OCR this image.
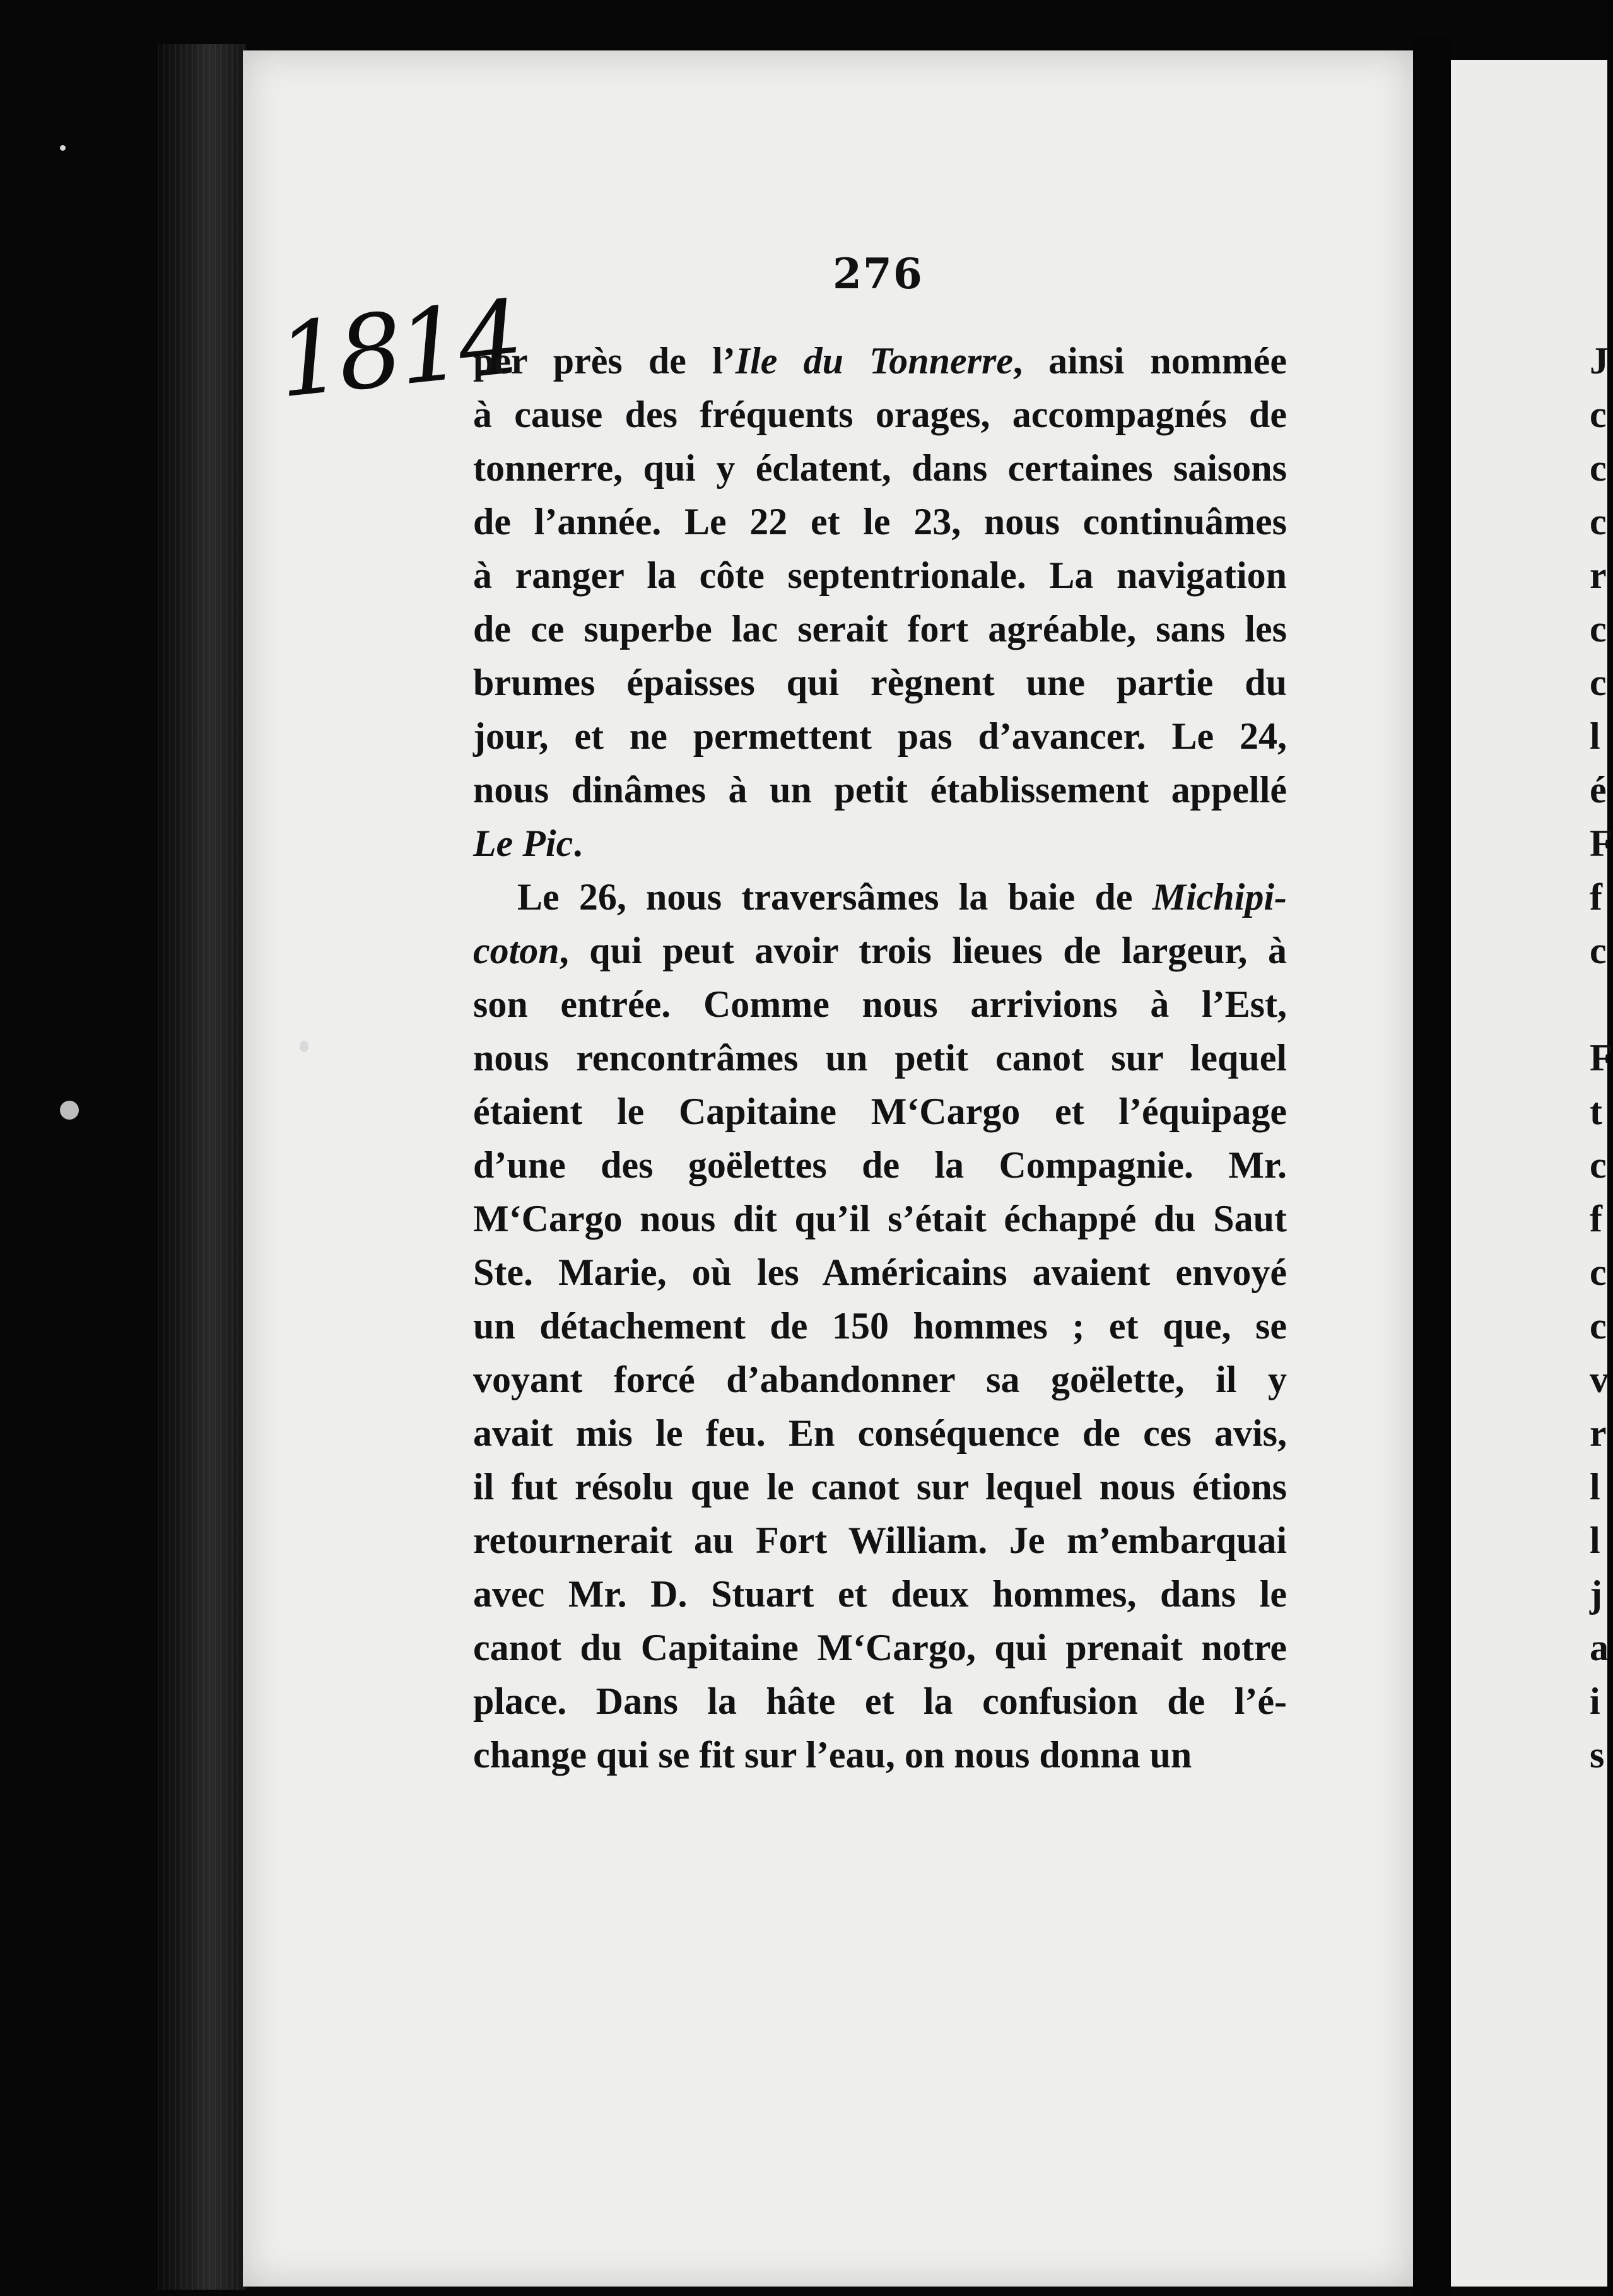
276
1814
per près de l’Ile du Tonnerre, ainsi nommée
à cause des fréquents orages, accompagnés de
tonnerre, qui y éclatent, dans certaines saisons
de l’année. Le 22 et le 23, nous continuâmes
à ranger la côte septentrionale. La navigation
de ce superbe lac serait fort agréable, sans les
brumes épaisses qui règnent une partie du
jour, et ne permettent pas d’avancer. Le 24,
nous dinâmes à un petit établissement appellé
Le Pic.
Le 26, nous traversâmes la baie de Michipi-
coton, qui peut avoir trois lieues de largeur, à
son entrée. Comme nous arrivions à l’Est,
nous rencontrâmes un petit canot sur lequel
étaient le Capitaine M‘Cargo et l’équipage
d’une des goëlettes de la Compagnie. Mr.
M‘Cargo nous dit qu’il s’était échappé du Saut
Ste. Marie, où les Américains avaient envoyé
un détachement de 150 hommes ; et que, se
voyant forcé d’abandonner sa goëlette, il y
avait mis le feu. En conséquence de ces avis,
il fut résolu que le canot sur lequel nous étions
retournerait au Fort William. Je m’embarquai
avec Mr. D. Stuart et deux hommes, dans le
canot du Capitaine M‘Cargo, qui prenait notre
place. Dans la hâte et la confusion de l’é-
change qui se fit sur l’eau, on nous donna un
J
c
c
c
r
c
c
l
é
F
f
c
F
t
c
f
c
c
v
r
l
l
j
a
i
s
